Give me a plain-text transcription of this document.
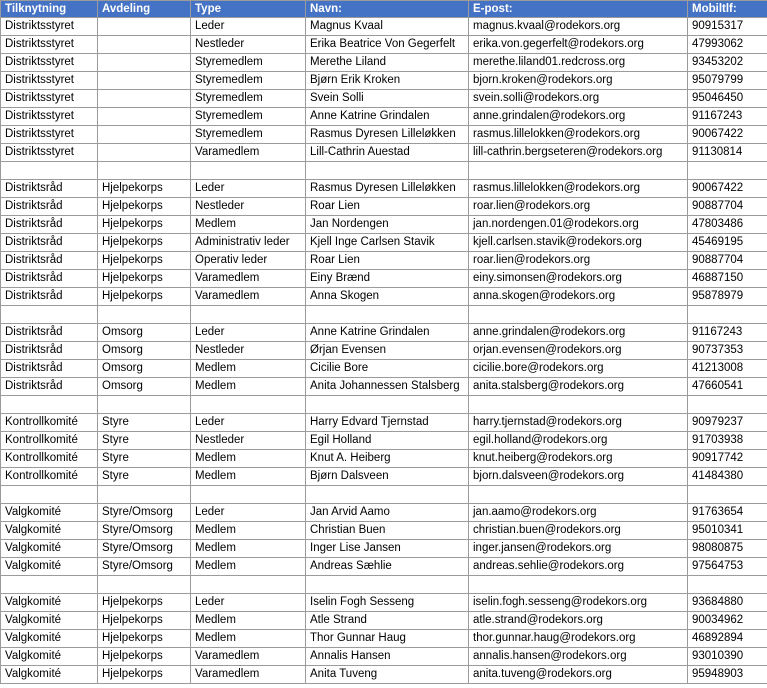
Tilknytning	Avdeling	Type	Navn:	E-post:	Mobiltlf:
Distriktsstyret		Leder	Magnus Kvaal	magnus.kvaal@rodekors.org	90915317
Distriktsstyret		Nestleder	Erika Beatrice Von Gegerfelt	erika.von.gegerfelt@rodekors.org	47993062
Distriktsstyret		Styremedlem	Merethe Liland	merethe.liland01.redcross.org	93453202
Distriktsstyret		Styremedlem	Bjørn Erik Kroken	bjorn.kroken@rodekors.org	95079799
Distriktsstyret		Styremedlem	Svein Solli	svein.solli@rodekors.org	95046450
Distriktsstyret		Styremedlem	Anne Katrine Grindalen	anne.grindalen@rodekors.org	91167243
Distriktsstyret		Styremedlem	Rasmus Dyresen Lilleløkken	rasmus.lillelokken@rodekors.org	90067422
Distriktsstyret		Varamedlem	Lill-Cathrin Auestad	lill-cathrin.bergseteren@rodekors.org	91130814

Distriktsråd	Hjelpekorps	Leder	Rasmus Dyresen Lilleløkken	rasmus.lillelokken@rodekors.org	90067422
Distriktsråd	Hjelpekorps	Nestleder	Roar Lien	roar.lien@rodekors.org	90887704
Distriktsråd	Hjelpekorps	Medlem	Jan Nordengen	jan.nordengen.01@rodekors.org	47803486
Distriktsråd	Hjelpekorps	Administrativ leder	Kjell Inge Carlsen Stavik	kjell.carlsen.stavik@rodekors.org	45469195
Distriktsråd	Hjelpekorps	Operativ leder	Roar Lien	roar.lien@rodekors.org	90887704
Distriktsråd	Hjelpekorps	Varamedlem	Einy Brænd	einy.simonsen@rodekors.org	46887150
Distriktsråd	Hjelpekorps	Varamedlem	Anna Skogen	anna.skogen@rodekors.org	95878979

Distriktsråd	Omsorg	Leder	Anne Katrine Grindalen	anne.grindalen@rodekors.org	91167243
Distriktsråd	Omsorg	Nestleder	Ørjan Evensen	orjan.evensen@rodekors.org	90737353
Distriktsråd	Omsorg	Medlem	Cicilie Bore	cicilie.bore@rodekors.org	41213008
Distriktsråd	Omsorg	Medlem	Anita Johannessen Stalsberg	anita.stalsberg@rodekors.org	47660541

Kontrollkomité	Styre	Leder	Harry Edvard Tjernstad	harry.tjernstad@rodekors.org	90979237
Kontrollkomité	Styre	Nestleder	Egil Holland	egil.holland@rodekors.org	91703938
Kontrollkomité	Styre	Medlem	Knut A. Heiberg	knut.heiberg@rodekors.org	90917742
Kontrollkomité	Styre	Medlem	Bjørn Dalsveen	bjorn.dalsveen@rodekors.org	41484380

Valgkomité	Styre/Omsorg	Leder	Jan Arvid Aamo	jan.aamo@rodekors.org	91763654
Valgkomité	Styre/Omsorg	Medlem	Christian Buen	christian.buen@rodekors.org	95010341
Valgkomité	Styre/Omsorg	Medlem	Inger Lise Jansen	inger.jansen@rodekors.org	98080875
Valgkomité	Styre/Omsorg	Medlem	Andreas Sæhlie	andreas.sehlie@rodekors.org	97564753

Valgkomité	Hjelpekorps	Leder	Iselin Fogh Sesseng	iselin.fogh.sesseng@rodekors.org	93684880
Valgkomité	Hjelpekorps	Medlem	Atle Strand	atle.strand@rodekors.org	90034962
Valgkomité	Hjelpekorps	Medlem	Thor Gunnar Haug	thor.gunnar.haug@rodekors.org	46892894
Valgkomité	Hjelpekorps	Varamedlem	Annalis Hansen	annalis.hansen@rodekors.org	93010390
Valgkomité	Hjelpekorps	Varamedlem	Anita Tuveng	anita.tuveng@rodekors.org	95948903
